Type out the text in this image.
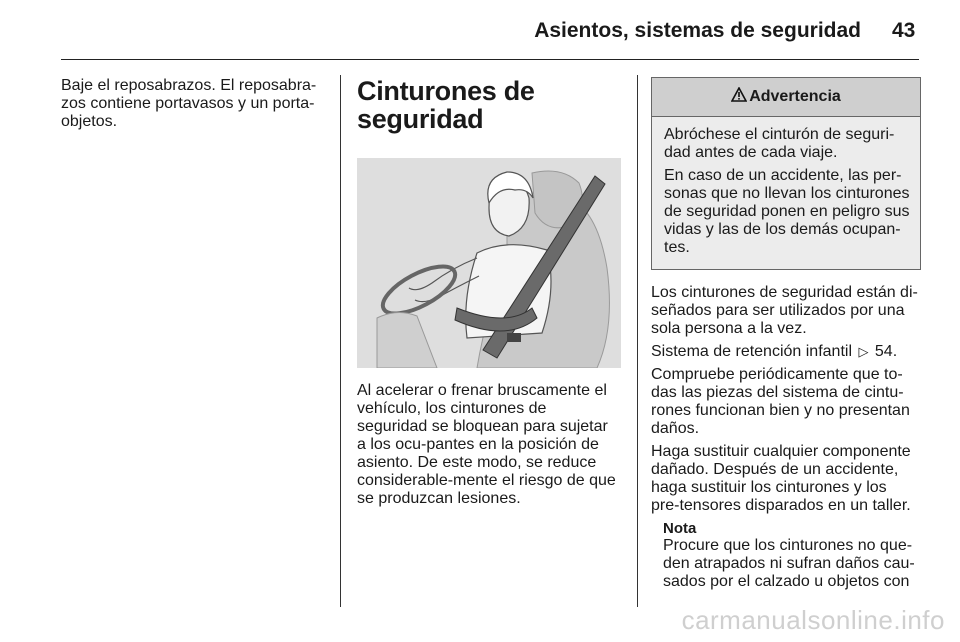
Asientos, sistemas de seguridad 43

Baje el reposabrazos. El reposabra-zos contiene portavasos y un porta-objetos.

Cinturones de
seguridad

Al acelerar o frenar bruscamente el vehículo, los cinturones de seguridad se bloquean para sujetar a los ocu-pantes en la posición de asiento. De este modo, se reduce considerable-mente el riesgo de que se produzcan lesiones.

Advertencia

Abróchese el cinturón de seguri-dad antes de cada viaje.

En caso de un accidente, las per-sonas que no llevan los cinturones de seguridad ponen en peligro sus vidas y las de los demás ocupan-tes.

Los cinturones de seguridad están di-señados para ser utilizados por una sola persona a la vez.

Sistema de retención infantil ▷ 54.

Compruebe periódicamente que to-das las piezas del sistema de cintu-rones funcionan bien y no presentan daños.

Haga sustituir cualquier componente dañado. Después de un accidente, haga sustituir los cinturones y los pre-tensores disparados en un taller.

Nota

Procure que los cinturones no que-den atrapados ni sufran daños cau-sados por el calzado u objetos con

carmanualsonline.info
